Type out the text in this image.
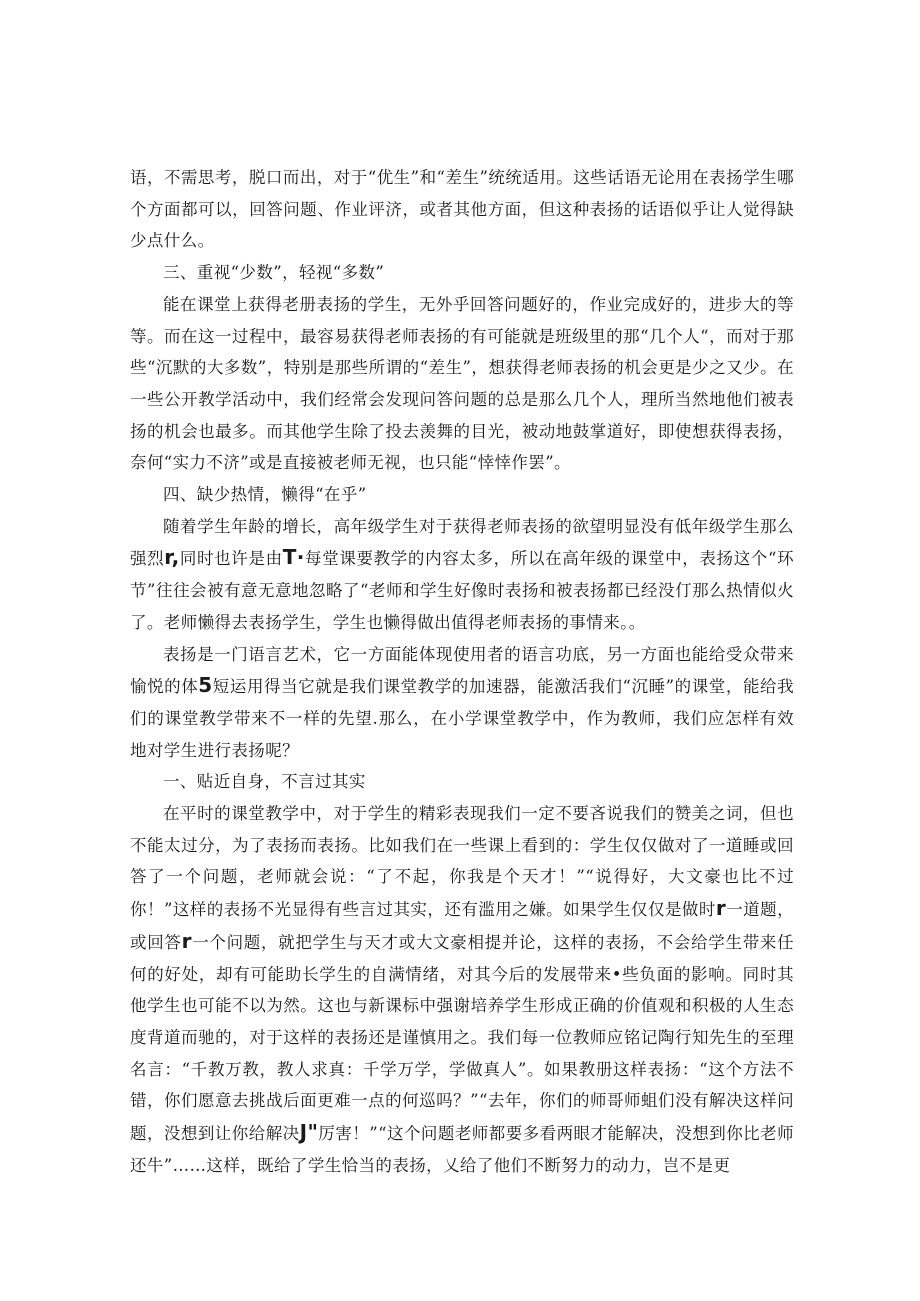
语，不需思考，脱口而出，对于“优生”和“差生”统统适用。这些话语无论用在表扬学生哪个方面都可以，回答问题、作业评济，或者其他方面，但这种表扬的话语似乎让人觉得缺少点什么。

三、重视“少数”，轻视“多数”

能在课堂上获得老册表扬的学生，无外乎回答问题好的，作业完成好的，进步大的等等。而在这一过程中，最容易获得老师表扬的有可能就是班级里的那“几个人“，而对于那些“沉默的大多数”，特别是那些所谓的“差生”，想获得老师表扬的机会更是少之又少。在一些公开教学活动中，我们经常会发现问答问题的总是那么几个人，理所当然地他们被表扬的机会也最多。而其他学生除了投去羡舞的目光，被动地鼓掌道好，即使想获得表扬，奈何“实力不济”或是直接被老师无视，也只能“悻悻作罢”。

四、缺少热情，懒得“在乎”

随着学生年龄的增长，高年级学生对于获得老师表扬的欲望明显没有低年级学生那么强烈r,同时也许是由T∙每堂课要教学的内容太多，所以在高年级的课堂中，表扬这个“环节”往往会被有意无意地忽略了“老师和学生好像时表扬和被表扬都已经没仃那么热情似火了。老师懒得去表扬学生，学生也懒得做出值得老师表扬的事情来。。

表扬是一门语言艺术，它一方面能体现使用者的语言功底，另一方面也能给受众带来愉悦的体5短运用得当它就是我们课堂教学的加速器，能激活我们“沉睡”的课堂，能给我们的课堂教学带来不一样的先望.那么，在小学课堂教学中，作为教师，我们应怎样有效地对学生进行表扬呢？

一、贴近自身，不言过其实

在平时的课堂教学中，对于学生的精彩表现我们一定不要吝说我们的赞美之词，但也不能太过分，为了表扬而表扬。比如我们在一些课上看到的：学生仅仅做对了一道睡或回答了一个问题，老师就会说：“了不起，你我是个天才！”“说得好，大文豪也比不过你！”这样的表扬不光显得有些言过其实，还有滥用之嫌。如果学生仅仅是做时r一道题，或回答r一个问题，就把学生与天才或大文豪相提并论，这样的表扬，不会给学生带来任何的好处，却有可能助长学生的自满情绪，对其今后的发展带来•些负面的影响。同时其他学生也可能不以为然。这也与新课标中强谢培养学生形成正确的价值观和积极的人生态度背道而驰的，对于这样的表扬还是谨慎用之。我们每一位教师应铭记陶行知先生的至理名言：“千教万教，教人求真：千学万学，学做真人”。如果教册这样表扬：“这个方法不错，你们愿意去挑战后面更难一点的何巡吗？”“去年，你们的师哥师蛆们没有解决这样问题，没想到让你给解决J"厉害！”“这个问题老师都要多看两眼才能解决，没想到你比老师还牛”……这样，既给了学生恰当的表扬，乂给了他们不断努力的动力，岂不是更
